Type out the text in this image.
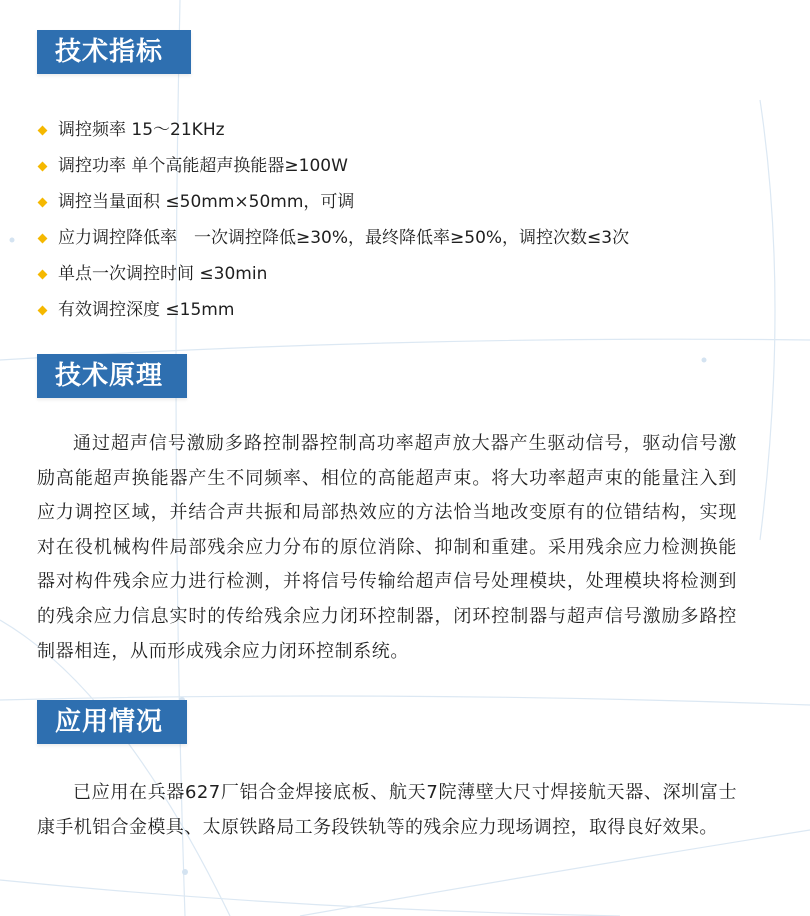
技术指标
调控频率 15～21KHz
调控功率 单个高能超声换能器≥100W
调控当量面积 ≤50mm×50mm，可调
应力调控降低率　一次调控降低≥30%，最终降低率≥50%，调控次数≤3次
单点一次调控时间 ≤30min
有效调控深度 ≤15mm
技术原理

通过超声信号激励多路控制器控制高功率超声放大器产生驱动信号，驱动信号激励高能超声换能器产生不同频率、相位的高能超声束。将大功率超声束的能量注入到应力调控区域，并结合声共振和局部热效应的方法恰当地改变原有的位错结构，实现对在役机械构件局部残余应力分布的原位消除、抑制和重建。采用残余应力检测换能器对构件残余应力进行检测，并将信号传输给超声信号处理模块，处理模块将检测到的残余应力信息实时的传给残余应力闭环控制器，闭环控制器与超声信号激励多路控制器相连，从而形成残余应力闭环控制系统。

应用情况

已应用在兵器627厂铝合金焊接底板、航天7院薄壁大尺寸焊接航天器、深圳富士康手机铝合金模具、太原铁路局工务段铁轨等的残余应力现场调控，取得良好效果。
